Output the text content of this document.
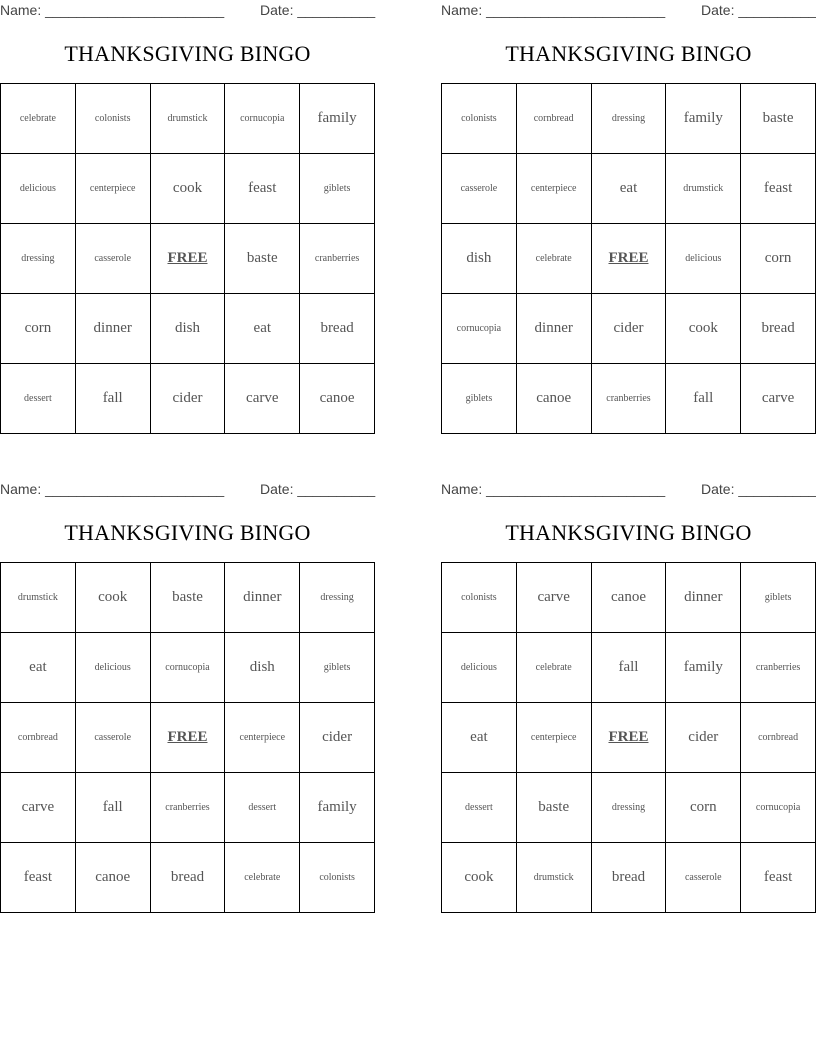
Name: _______________________	Date: __________
THANKSGIVING BINGO
celebrate	colonists	drumstick	cornucopia	family
delicious	centerpiece	cook	feast	giblets
dressing	casserole	FREE	baste	cranberries
corn	dinner	dish	eat	bread
dessert	fall	cider	carve	canoe
Name: _______________________	Date: __________
THANKSGIVING BINGO
colonists	cornbread	dressing	family	baste
casserole	centerpiece	eat	drumstick	feast
dish	celebrate	FREE	delicious	corn
cornucopia	dinner	cider	cook	bread
giblets	canoe	cranberries	fall	carve
Name: _______________________	Date: __________
THANKSGIVING BINGO
drumstick	cook	baste	dinner	dressing
eat	delicious	cornucopia	dish	giblets
cornbread	casserole	FREE	centerpiece	cider
carve	fall	cranberries	dessert	family
feast	canoe	bread	celebrate	colonists
Name: _______________________	Date: __________
THANKSGIVING BINGO
colonists	carve	canoe	dinner	giblets
delicious	celebrate	fall	family	cranberries
eat	centerpiece	FREE	cider	cornbread
dessert	baste	dressing	corn	cornucopia
cook	drumstick	bread	casserole	feast
